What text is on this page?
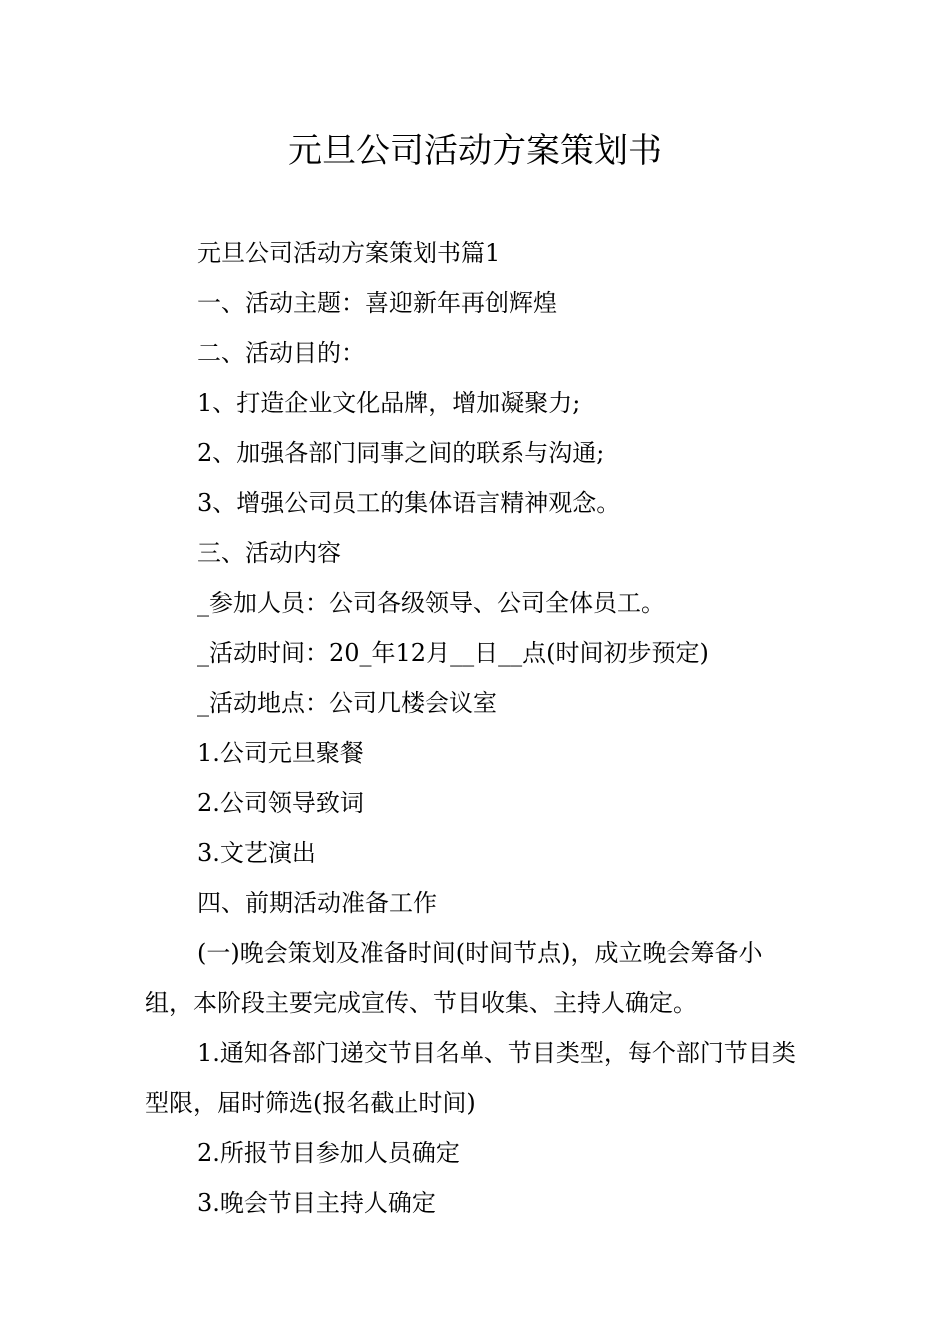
元旦公司活动方案策划书

元旦公司活动方案策划书篇1

一、活动主题：喜迎新年再创辉煌

二、活动目的：

1、打造企业文化品牌，增加凝聚力;

2、加强各部门同事之间的联系与沟通;

3、增强公司员工的集体语言精神观念。

三、活动内容

_参加人员：公司各级领导、公司全体员工。

_活动时间：20_年12月__日__点(时间初步预定)

_活动地点：公司几楼会议室

1.公司元旦聚餐

2.公司领导致词

3.文艺演出

四、前期活动准备工作

(一)晚会策划及准备时间(时间节点)，成立晚会筹备小组，本阶段主要完成宣传、节目收集、主持人确定。

1.通知各部门递交节目名单、节目类型，每个部门节目类型限，届时筛选(报名截止时间)

2.所报节目参加人员确定

3.晚会节目主持人确定
